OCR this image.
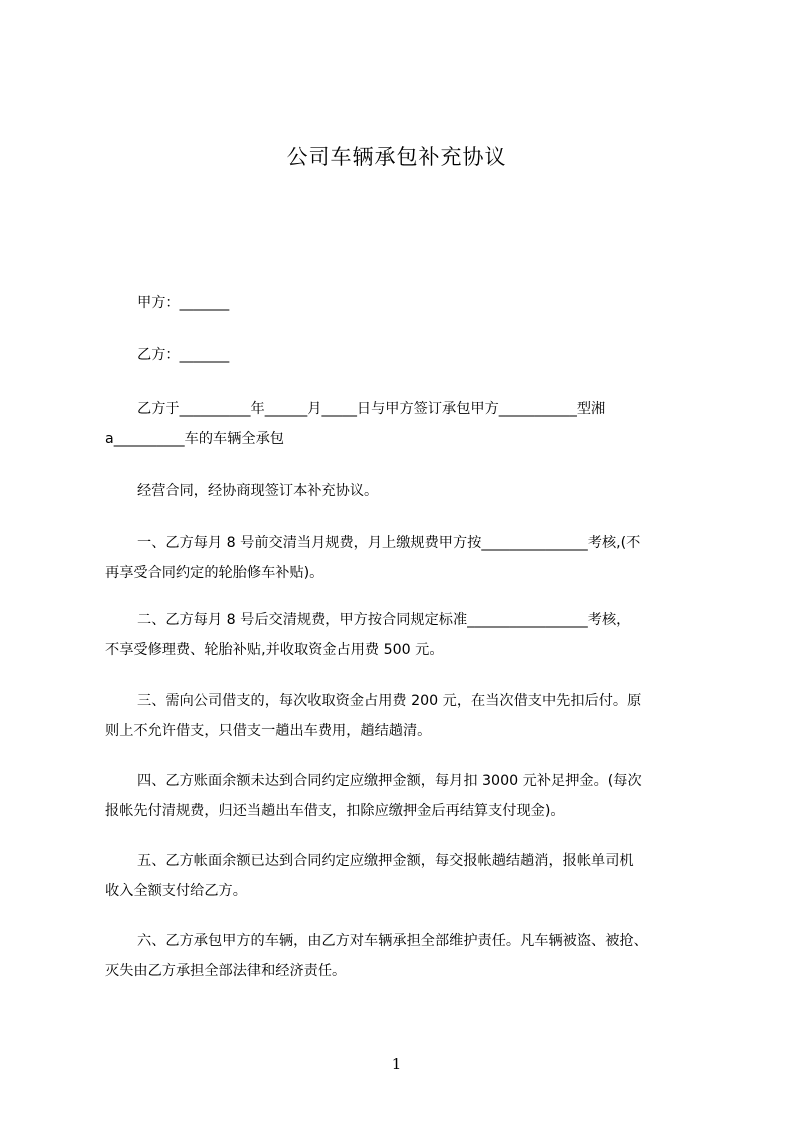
公司车辆承包补充协议

甲方：_______

乙方：_______

乙方于__________年______月_____日与甲方签订承包甲方___________型湘
a__________车的车辆全承包

经营合同，经协商现签订本补充协议。

一、乙方每月 8 号前交清当月规费，月上缴规费甲方按_______________考核,(不
再享受合同约定的轮胎修车补贴)。

二、乙方每月 8 号后交清规费，甲方按合同规定标准_________________考核，
不享受修理费、轮胎补贴,并收取资金占用费 500 元。

三、需向公司借支的，每次收取资金占用费 200 元，在当次借支中先扣后付。原
则上不允许借支，只借支一趟出车费用，趟结趟清。

四、乙方账面余额未达到合同约定应缴押金额，每月扣 3000 元补足押金。(每次
报帐先付清规费，归还当趟出车借支，扣除应缴押金后再结算支付现金)。

五、乙方帐面余额已达到合同约定应缴押金额，每交报帐趟结趟消，报帐单司机
收入全额支付给乙方。

六、乙方承包甲方的车辆，由乙方对车辆承担全部维护责任。凡车辆被盗、被抢、
灭失由乙方承担全部法律和经济责任。

1
